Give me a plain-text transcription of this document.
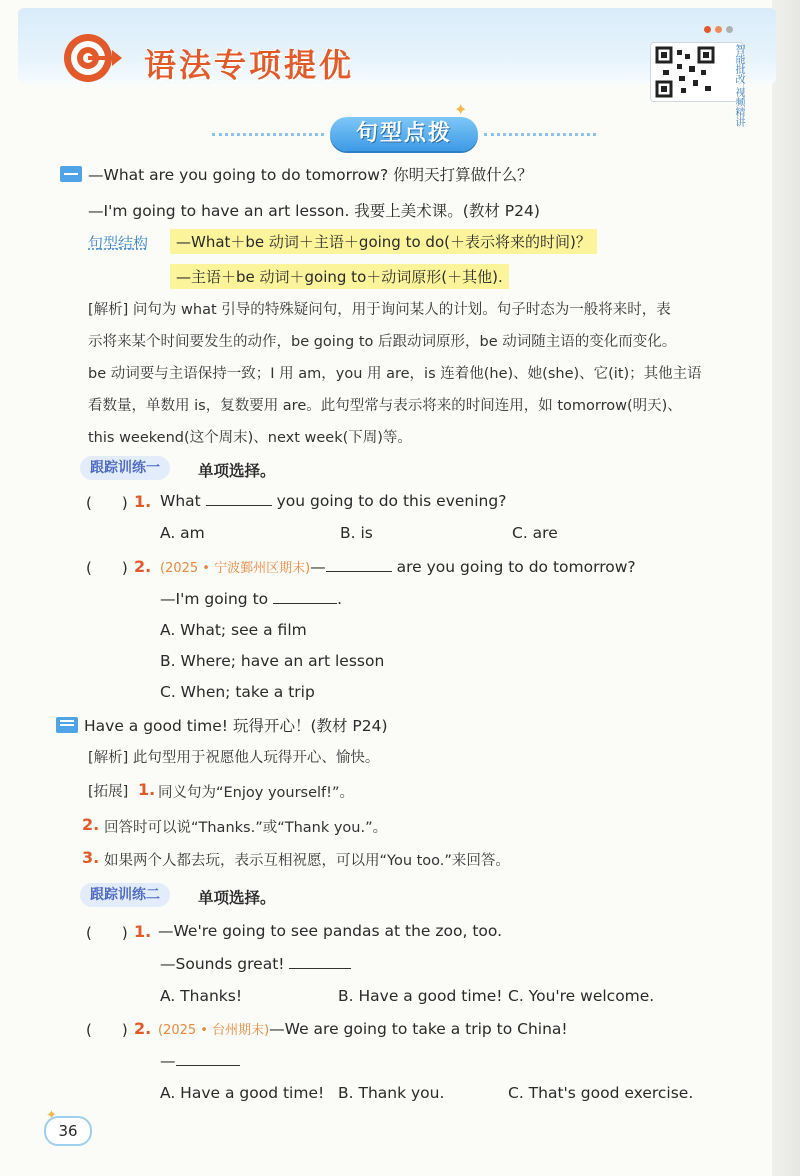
语法专项提优	智能批改 视频精讲
句型点拨
✦
—What are you going to do tomorrow? 你明天打算做什么？
—I'm going to have an art lesson. 我要上美术课。(教材 P24)
句型结构	—What＋be 动词＋主语＋going to do(＋表示将来的时间)？
—主语＋be 动词＋going to＋动词原形(＋其他).
[解析] 问句为 what 引导的特殊疑问句，用于询问某人的计划。句子时态为一般将来时，表
示将来某个时间要发生的动作，be going to 后跟动词原形，be 动词随主语的变化而变化。
be 动词要与主语保持一致；I 用 am，you 用 are，is 连着他(he)、她(she)、它(it)；其他主语
看数量，单数用 is，复数要用 are。此句型常与表示将来的时间连用，如 tomorrow(明天)、
this weekend(这个周末)、next week(下周)等。
跟踪训练一	单项选择。
(　　) 1. What	you going to do this evening?
A. am	B. is	C. are
(　　) 2. (2025 • 宁波鄞州区期末)—	are you going to do tomorrow?
—I'm going to	.
A. What; see a film
B. Where; have an art lesson
C. When; take a trip
Have a good time! 玩得开心！(教材 P24)
[解析] 此句型用于祝愿他人玩得开心、愉快。
[拓展] 1. 同义句为“Enjoy yourself!”。
2. 回答时可以说“Thanks.”或“Thank you.”。
3. 如果两个人都去玩，表示互相祝愿，可以用“You too.”来回答。
跟踪训练二	单项选择。
(　　) 1. —We're going to see pandas at the zoo, too.
—Sounds great!
A. Thanks!	B. Have a good time! C. You're welcome.
(　　) 2. (2025 • 台州期末)—We are going to take a trip to China!
—
A. Have a good time! B. Thank you.	C. That's good exercise.
36
✦
